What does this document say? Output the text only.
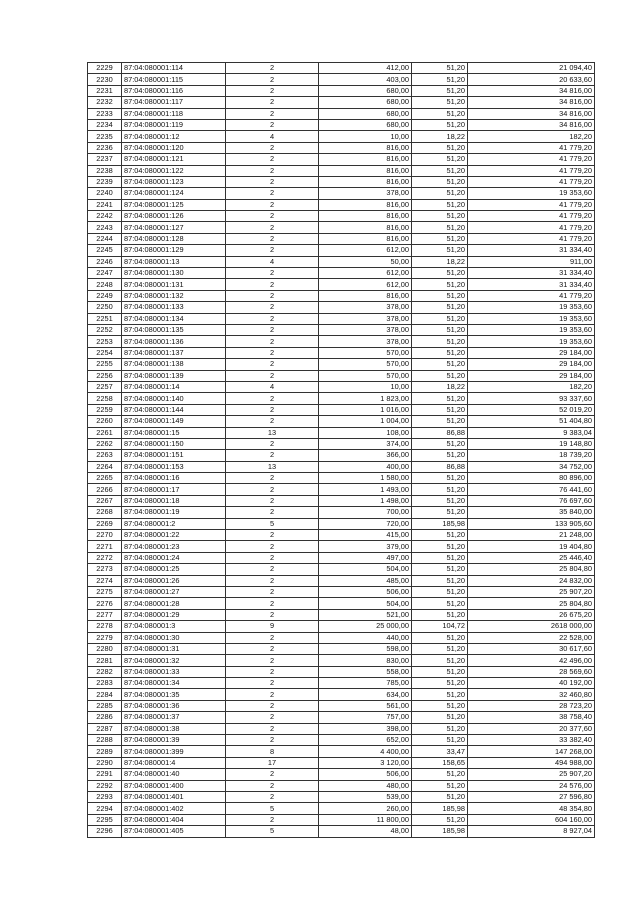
2229	87:04:080001:114	2	412,00	51,20	21 094,40
2230	87:04:080001:115	2	403,00	51,20	20 633,60
2231	87:04:080001:116	2	680,00	51,20	34 816,00
2232	87:04:080001:117	2	680,00	51,20	34 816,00
2233	87:04:080001:118	2	680,00	51,20	34 816,00
2234	87:04:080001:119	2	680,00	51,20	34 816,00
2235	87:04:080001:12	4	10,00	18,22	182,20
2236	87:04:080001:120	2	816,00	51,20	41 779,20
2237	87:04:080001:121	2	816,00	51,20	41 779,20
2238	87:04:080001:122	2	816,00	51,20	41 779,20
2239	87:04:080001:123	2	816,00	51,20	41 779,20
2240	87:04:080001:124	2	378,00	51,20	19 353,60
2241	87:04:080001:125	2	816,00	51,20	41 779,20
2242	87:04:080001:126	2	816,00	51,20	41 779,20
2243	87:04:080001:127	2	816,00	51,20	41 779,20
2244	87:04:080001:128	2	816,00	51,20	41 779,20
2245	87:04:080001:129	2	612,00	51,20	31 334,40
2246	87:04:080001:13	4	50,00	18,22	911,00
2247	87:04:080001:130	2	612,00	51,20	31 334,40
2248	87:04:080001:131	2	612,00	51,20	31 334,40
2249	87:04:080001:132	2	816,00	51,20	41 779,20
2250	87:04:080001:133	2	378,00	51,20	19 353,60
2251	87:04:080001:134	2	378,00	51,20	19 353,60
2252	87:04:080001:135	2	378,00	51,20	19 353,60
2253	87:04:080001:136	2	378,00	51,20	19 353,60
2254	87:04:080001:137	2	570,00	51,20	29 184,00
2255	87:04:080001:138	2	570,00	51,20	29 184,00
2256	87:04:080001:139	2	570,00	51,20	29 184,00
2257	87:04:080001:14	4	10,00	18,22	182,20
2258	87:04:080001:140	2	1 823,00	51,20	93 337,60
2259	87:04:080001:144	2	1 016,00	51,20	52 019,20
2260	87:04:080001:149	2	1 004,00	51,20	51 404,80
2261	87:04:080001:15	13	108,00	86,88	9 383,04
2262	87:04:080001:150	2	374,00	51,20	19 148,80
2263	87:04:080001:151	2	366,00	51,20	18 739,20
2264	87:04:080001:153	13	400,00	86,88	34 752,00
2265	87:04:080001:16	2	1 580,00	51,20	80 896,00
2266	87:04:080001:17	2	1 493,00	51,20	76 441,60
2267	87:04:080001:18	2	1 498,00	51,20	76 697,60
2268	87:04:080001:19	2	700,00	51,20	35 840,00
2269	87:04:080001:2	5	720,00	185,98	133 905,60
2270	87:04:080001:22	2	415,00	51,20	21 248,00
2271	87:04:080001:23	2	379,00	51,20	19 404,80
2272	87:04:080001:24	2	497,00	51,20	25 446,40
2273	87:04:080001:25	2	504,00	51,20	25 804,80
2274	87:04:080001:26	2	485,00	51,20	24 832,00
2275	87:04:080001:27	2	506,00	51,20	25 907,20
2276	87:04:080001:28	2	504,00	51,20	25 804,80
2277	87:04:080001:29	2	521,00	51,20	26 675,20
2278	87:04:080001:3	9	25 000,00	104,72	2618 000,00
2279	87:04:080001:30	2	440,00	51,20	22 528,00
2280	87:04:080001:31	2	598,00	51,20	30 617,60
2281	87:04:080001:32	2	830,00	51,20	42 496,00
2282	87:04:080001:33	2	558,00	51,20	28 569,60
2283	87:04:080001:34	2	785,00	51,20	40 192,00
2284	87:04:080001:35	2	634,00	51,20	32 460,80
2285	87:04:080001:36	2	561,00	51,20	28 723,20
2286	87:04:080001:37	2	757,00	51,20	38 758,40
2287	87:04:080001:38	2	398,00	51,20	20 377,60
2288	87:04:080001:39	2	652,00	51,20	33 382,40
2289	87:04:080001:399	8	4 400,00	33,47	147 268,00
2290	87:04:080001:4	17	3 120,00	158,65	494 988,00
2291	87:04:080001:40	2	506,00	51,20	25 907,20
2292	87:04:080001:400	2	480,00	51,20	24 576,00
2293	87:04:080001:401	2	539,00	51,20	27 596,80
2294	87:04:080001:402	5	260,00	185,98	48 354,80
2295	87:04:080001:404	2	11 800,00	51,20	604 160,00
2296	87:04:080001:405	5	48,00	185,98	8 927,04
